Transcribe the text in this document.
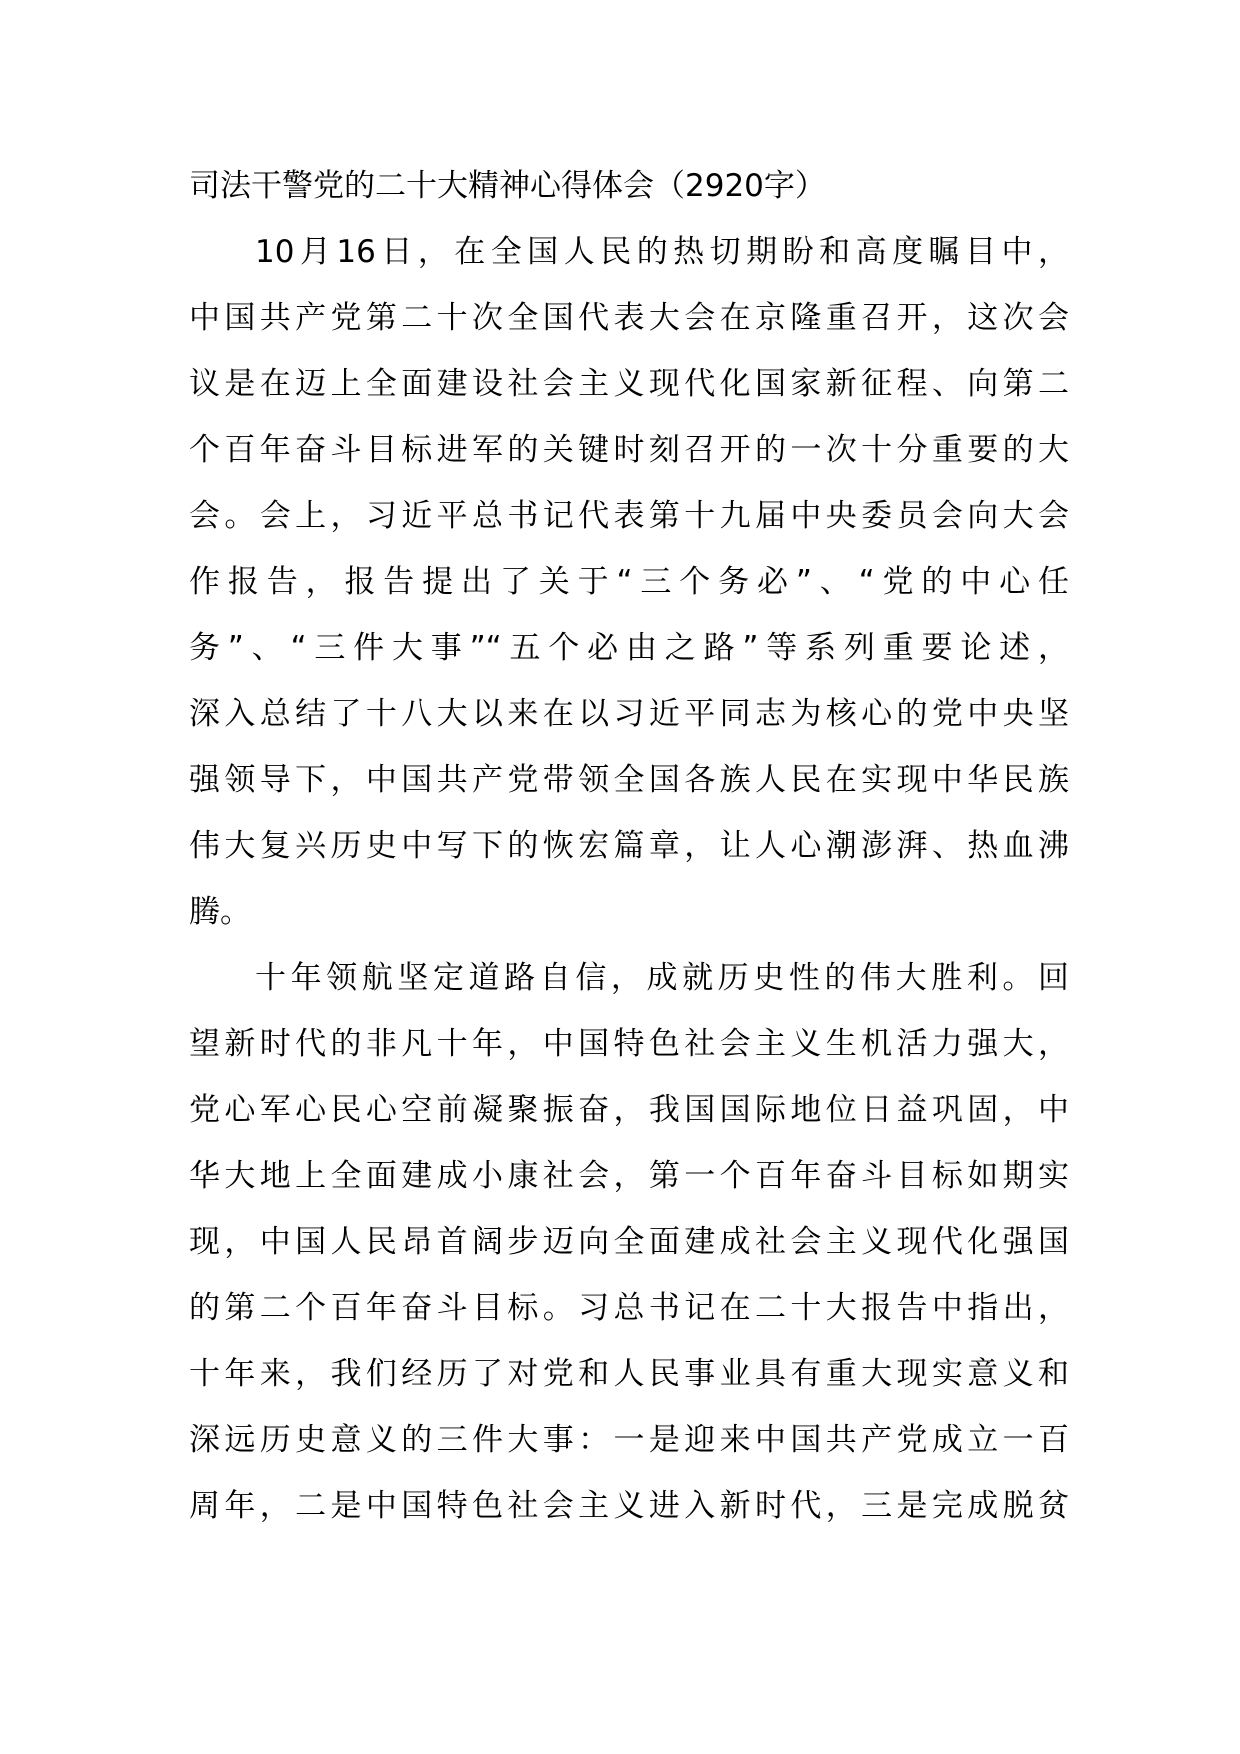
司法干警党的二十大精神心得体会（2920字）
10月16日，在全国人民的热切期盼和高度瞩目中，
中国共产党第二十次全国代表大会在京隆重召开，这次会
议是在迈上全面建设社会主义现代化国家新征程、向第二
个百年奋斗目标进军的关键时刻召开的一次十分重要的大
会。会上，习近平总书记代表第十九届中央委员会向大会
作报告，报告提出了关于“三个务必”、“党的中心任
务”、“三件大事”“五个必由之路”等系列重要论述，
深入总结了十八大以来在以习近平同志为核心的党中央坚
强领导下，中国共产党带领全国各族人民在实现中华民族
伟大复兴历史中写下的恢宏篇章，让人心潮澎湃、热血沸
腾。
十年领航坚定道路自信，成就历史性的伟大胜利。回
望新时代的非凡十年，中国特色社会主义生机活力强大，
党心军心民心空前凝聚振奋，我国国际地位日益巩固，中
华大地上全面建成小康社会，第一个百年奋斗目标如期实
现，中国人民昂首阔步迈向全面建成社会主义现代化强国
的第二个百年奋斗目标。习总书记在二十大报告中指出，
十年来，我们经历了对党和人民事业具有重大现实意义和
深远历史意义的三件大事：一是迎来中国共产党成立一百
周年，二是中国特色社会主义进入新时代，三是完成脱贫
